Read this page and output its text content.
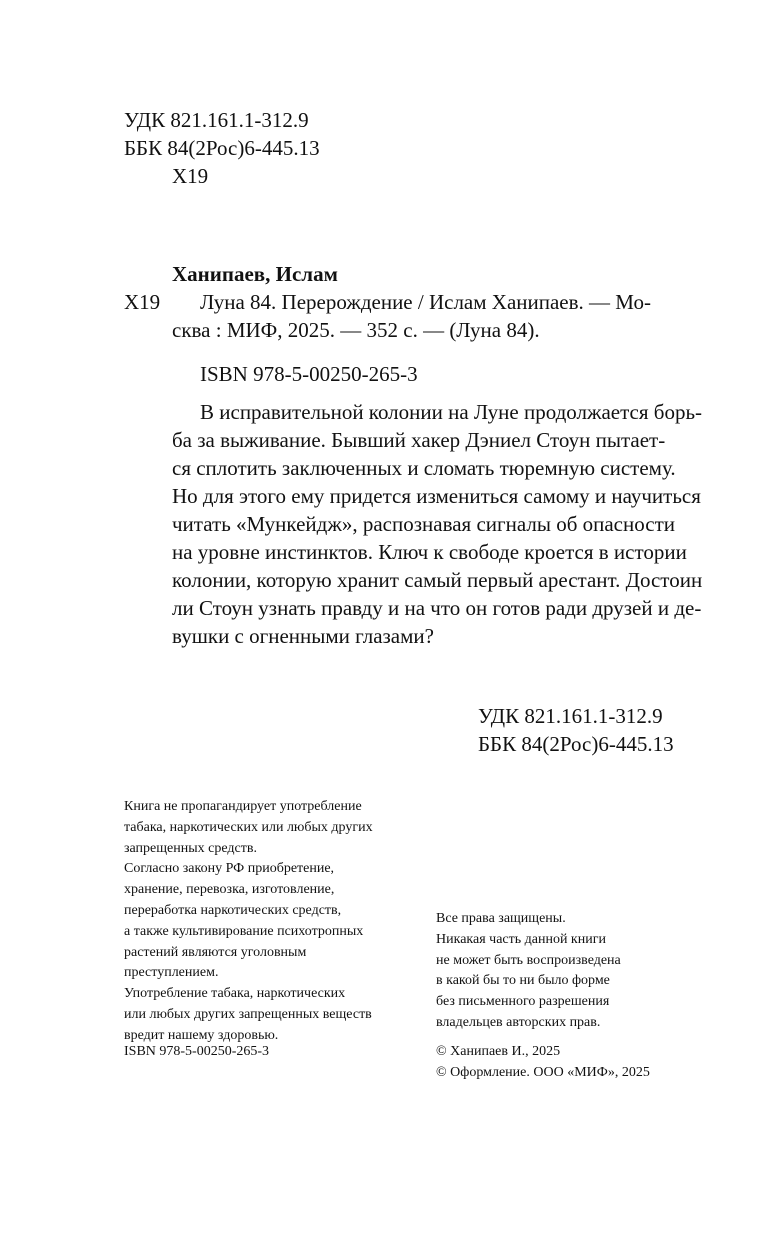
УДК 821.161.1-312.9
ББК 84(2Рос)6-445.13
Х19
Ханипаев, Ислам
Х19 Луна 84. Перерождение / Ислам Ханипаев. — Мо-
сква : МИФ, 2025. — 352 с. — (Луна 84).
ISBN 978-5-00250-265-3
В исправительной колонии на Луне продолжается борь-
ба за выживание. Бывший хакер Дэниел Стоун пытает-
ся сплотить заключенных и сломать тюремную систему.
Но для этого ему придется измениться самому и научиться
читать «Мункейдж», распознавая сигналы об опасности
на уровне инстинктов. Ключ к свободе кроется в истории
колонии, которую хранит самый первый арестант. Достоин
ли Стоун узнать правду и на что он готов ради друзей и де-
вушки с огненными глазами?
УДК 821.161.1-312.9
ББК 84(2Рос)6-445.13
Книга не пропагандирует употребление
табака, наркотических или любых других
запрещенных средств.
Согласно закону РФ приобретение,
хранение, перевозка, изготовление,
переработка наркотических средств,
а также культивирование психотропных
растений являются уголовным
преступлением.
Употребление табака, наркотических
или любых других запрещенных веществ
вредит нашему здоровью.
Все права защищены.
Никакая часть данной книги
не может быть воспроизведена
в какой бы то ни было форме
без письменного разрешения
владельцев авторских прав.
ISBN 978-5-00250-265-3	© Ханипаев И., 2025
© Оформление. ООО «МИФ», 2025
